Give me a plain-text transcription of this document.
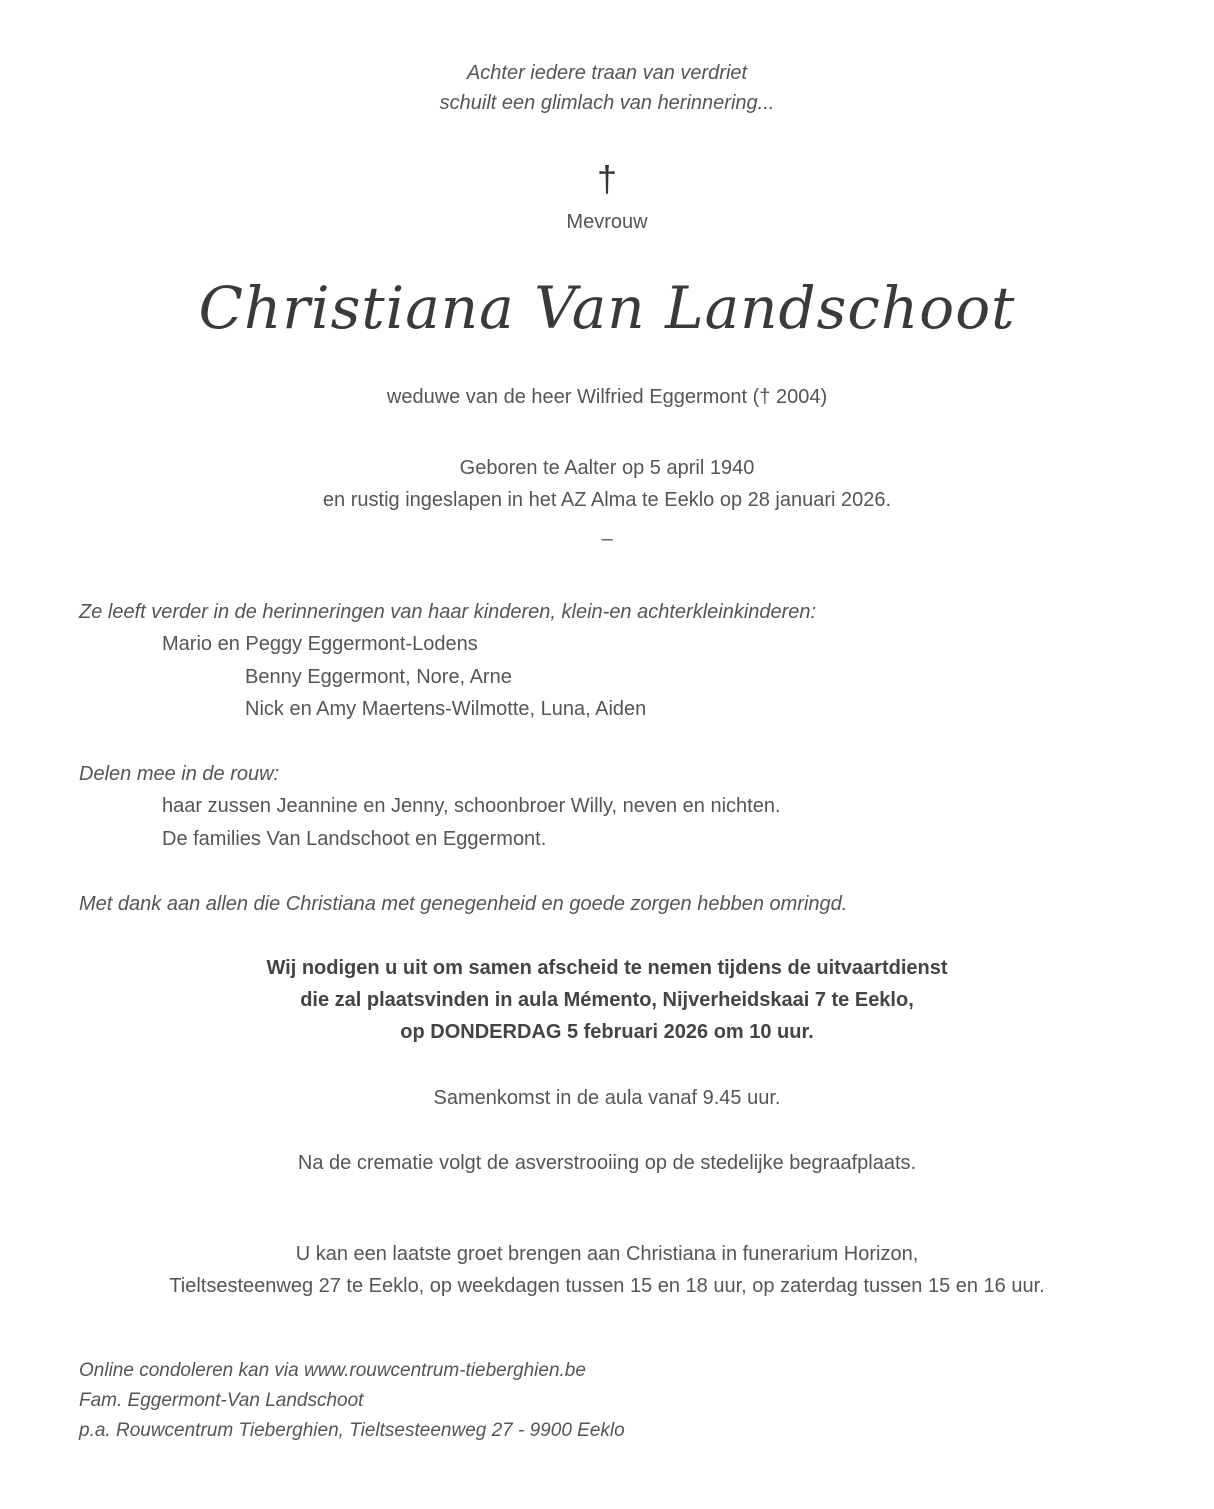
Achter iedere traan van verdriet
schuilt een glimlach van herinnering...
†
Mevrouw
Christiana Van Landschoot
weduwe van de heer Wilfried Eggermont († 2004)
Geboren te Aalter op 5 april 1940
en rustig ingeslapen in het AZ Alma te Eeklo op 28 januari 2026.
–
Ze leeft verder in de herinneringen van haar kinderen, klein-en achterkleinkinderen:
Mario en Peggy Eggermont-Lodens
Benny Eggermont, Nore, Arne
Nick en Amy Maertens-Wilmotte, Luna, Aiden
Delen mee in de rouw:
haar zussen Jeannine en Jenny, schoonbroer Willy, neven en nichten.
De families Van Landschoot en Eggermont.
Met dank aan allen die Christiana met genegenheid en goede zorgen hebben omringd.
Wij nodigen u uit om samen afscheid te nemen tijdens de uitvaartdienst
die zal plaatsvinden in aula Mémento, Nijverheidskaai 7 te Eeklo,
op DONDERDAG 5 februari 2026 om 10 uur.
Samenkomst in de aula vanaf 9.45 uur.
Na de crematie volgt de asverstrooiing op de stedelijke begraafplaats.
U kan een laatste groet brengen aan Christiana in funerarium Horizon,
Tieltsesteenweg 27 te Eeklo, op weekdagen tussen 15 en 18 uur, op zaterdag tussen 15 en 16 uur.
Online condoleren kan via www.rouwcentrum-tieberghien.be
Fam. Eggermont-Van Landschoot
p.a. Rouwcentrum Tieberghien, Tieltsesteenweg 27 - 9900 Eeklo
